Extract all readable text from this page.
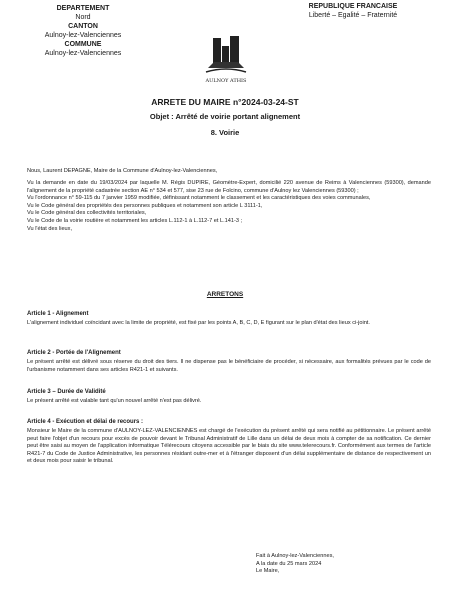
DEPARTEMENT
Nord
CANTON
Aulnoy-lez-Valenciennes
COMMUNE
Aulnoy-lez-Valenciennes
REPUBLIQUE FRANCAISE
Liberté – Egalité – Fraternité
AULNOY ATHIS
ARRETE DU MAIRE n°2024-03-24-ST
Objet : Arrêté de voirie portant alignement
8. Voirie
Nous, Laurent DEPAGNE, Maire de la Commune d'Aulnoy-lez-Valenciennes,

Vu la demande en date du 19/03/2024 par laquelle M. Régis DUPIRE, Géomètre-Expert, domicilié 220 avenue de Reims à Valenciennes (59300), demande l'alignement de la propriété cadastrée section AE n° 534 et 577, sise 23 rue de Folcino, commune d'Aulnoy lez Valenciennes (59300) ;

Vu l'ordonnance n° 59-115 du 7 janvier 1959 modifiée, définissant notamment le classement et les caractéristiques des voies communales,

Vu le Code général des propriétés des personnes publiques et notamment son article L 3111-1,

Vu le Code général des collectivités territoriales,

Vu le Code de la voirie routière et notamment les articles L.112-1 à L.112-7 et L.141-3 ;

Vu l'état des lieux,

ARRETONS
Article 1 - Alignement
L'alignement individuel coïncidant avec la limite de propriété, est fixé par les points A, B, C, D, E figurant sur le plan d'état des lieux ci-joint.
Article 2 - Portée de l'Alignement
Le présent arrêté est délivré sous réserve du droit des tiers. Il ne dispense pas le bénéficiaire de procéder, si nécessaire, aux formalités prévues par le code de l'urbanisme notamment dans ses articles R421-1 et suivants.
Article 3 – Durée de Validité
Le présent arrêté est valable tant qu'un nouvel arrêté n'est pas délivré.
Article 4 - Exécution et délai de recours :
Monsieur le Maire de la commune d'AULNOY-LEZ-VALENCIENNES est chargé de l'exécution du présent arrêté qui sera notifié au pétitionnaire. Le présent arrêté peut faire l'objet d'un recours pour excès de pouvoir devant le Tribunal Administratif de Lille dans un délai de deux mois à compter de sa notification. Ce dernier peut être saisi au moyen de l'application informatique Télérecours citoyens accessible par le biais du site www.telerecours.fr. Conformément aux termes de l'article R421-7 du Code de Justice Administrative, les personnes résidant outre-mer et à l'étranger disposent d'un délai supplémentaire de distance de respectivement un et deux mois pour saisir le tribunal.
Fait à Aulnoy-lez-Valenciennes,
A la date du 25 mars 2024
Le Maire,
